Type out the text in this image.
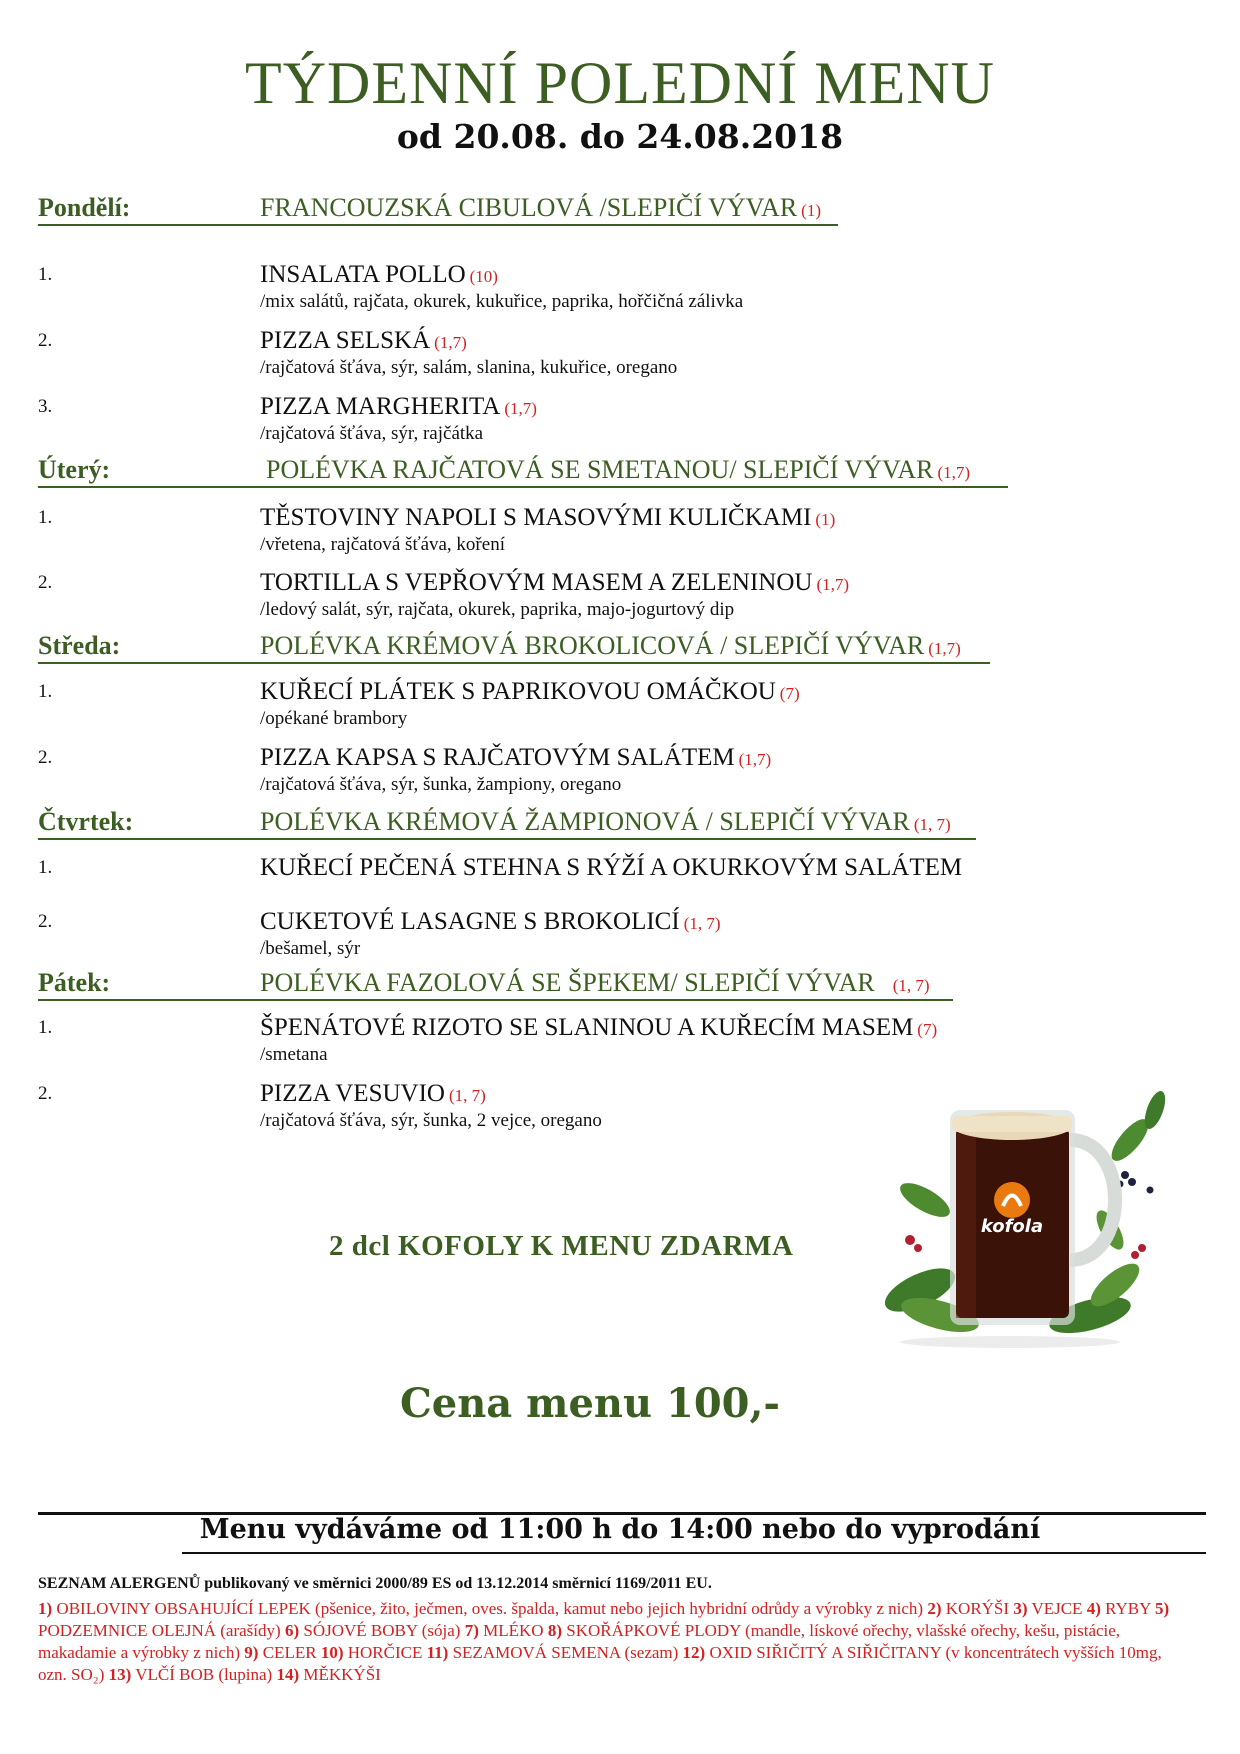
TÝDENNÍ POLEDNÍ MENU
od 20.08. do 24.08.2018
Pondělí:	FRANCOUZSKÁ CIBULOVÁ /SLEPIČÍ VÝVAR (1)
1.	INSALATA POLLO (10)
/mix salátů, rajčata, okurek, kukuřice, paprika, hořčičná zálivka
2.	PIZZA SELSKÁ (1,7)
/rajčatová šťáva, sýr, salám, slanina, kukuřice, oregano
3.	PIZZA MARGHERITA (1,7)
/rajčatová šťáva, sýr, rajčátka
Úterý:	POLÉVKA RAJČATOVÁ SE SMETANOU/ SLEPIČÍ VÝVAR (1,7)
1.	TĚSTOVINY NAPOLI S MASOVÝMI KULIČKAMI (1)
/vřetena, rajčatová šťáva, koření
2.	TORTILLA S VEPŘOVÝM MASEM A ZELENINOU (1,7)
/ledový salát, sýr, rajčata, okurek, paprika, majo-jogurtový dip
Středa:	POLÉVKA KRÉMOVÁ BROKOLICOVÁ / SLEPIČÍ VÝVAR (1,7)
1.	KUŘECÍ PLÁTEK S PAPRIKOVOU OMÁČKOU (7)
/opékané brambory
2.	PIZZA KAPSA S RAJČATOVÝM SALÁTEM (1,7)
/rajčatová šťáva, sýr, šunka, žampiony, oregano
Čtvrtek:	POLÉVKA KRÉMOVÁ ŽAMPIONOVÁ / SLEPIČÍ VÝVAR (1, 7)
1.	KUŘECÍ PEČENÁ STEHNA S RÝŽÍ A OKURKOVÝM SALÁTEM
2.	CUKETOVÉ LASAGNE S BROKOLICÍ (1, 7)
/bešamel, sýr
Pátek:	POLÉVKA FAZOLOVÁ SE ŠPEKEM/ SLEPIČÍ VÝVAR (1, 7)
1.	ŠPENÁTOVÉ RIZOTO SE SLANINOU A KUŘECÍM MASEM (7)
/smetana
2.	PIZZA VESUVIO (1, 7)
/rajčatová šťáva, sýr, šunka, 2 vejce, oregano
2 dcl KOFOLY K MENU ZDARMA
kofola
Cena menu 100,-
Menu vydáváme od 11:00 h do 14:00 nebo do vyprodání
SEZNAM ALERGENŮ publikovaný ve směrnici 2000/89 ES od 13.12.2014 směrnicí 1169/2011 EU.
1) OBILOVINY OBSAHUJÍCÍ LEPEK (pšenice, žito, ječmen, oves. špalda, kamut nebo jejich hybridní odrůdy a výrobky z nich) 2) KORÝŠI 3) VEJCE 4) RYBY 5) PODZEMNICE OLEJNÁ (arašídy) 6) SÓJOVÉ BOBY (sója) 7) MLÉKO 8) SKOŘÁPKOVÉ PLODY (mandle, lískové ořechy, vlašské ořechy, kešu, pistácie, makadamie a výrobky z nich) 9) CELER 10) HORČICE 11) SEZAMOVÁ SEMENA (sezam) 12) OXID SIŘIČITÝ A SIŘIČITANY (v koncentrátech vyšších 10mg, ozn. SO₂) 13) VLČÍ BOB (lupina) 14) MĚKKÝŠI
